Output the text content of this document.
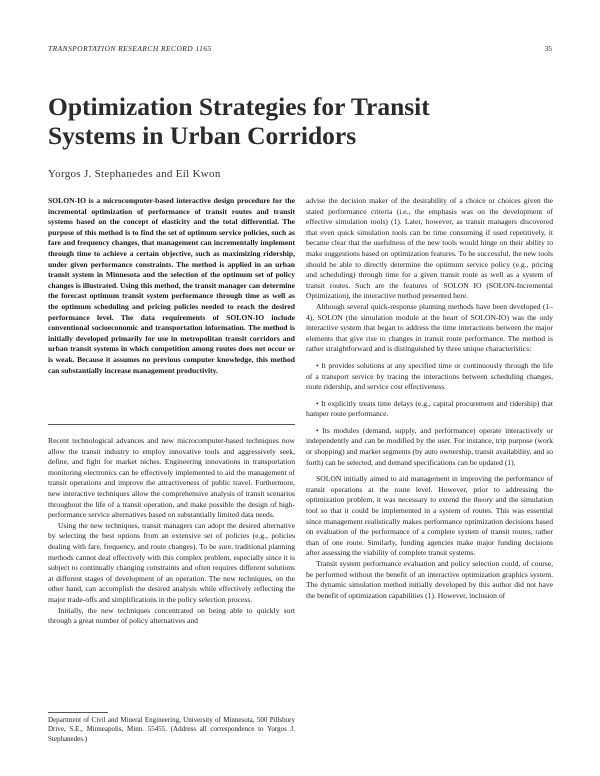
TRANSPORTATION RESEARCH RECORD 1165	35
Optimization Strategies for Transit Systems in Urban Corridors
Yorgos J. Stephanedes and Eil Kwon

SOLON-IO is a microcomputer-based interactive design procedure for the incremental optimization of performance of transit routes and transit systems based on the concept of elasticity and the total differential. The purpose of this method is to find the set of optimum service policies, such as fare and frequency changes, that management can incrementally implement through time to achieve a certain objective, such as maximizing ridership, under given performance constraints. The method is applied in an urban transit system in Minnesota and the selection of the optimum set of policy changes is illustrated. Using this method, the transit manager can determine the forecast optimum transit system performance through time as well as the optimum scheduling and pricing policies needed to reach the desired performance level. The data requirements of SOLON-IO include conventional socioeconomic and transportation information. The method is initially developed primarily for use in metropolitan transit corridors and urban transit systems in which competition among routes does not occur or is weak. Because it assumes no previous computer knowledge, this method can substantially increase management productivity.

Recent technological advances and new microcomputer-based techniques now allow the transit industry to employ innovative tools and aggressively seek, define, and fight for market niches. Engineering innovations in transportation monitoring electronics can be effectively implemented to aid the management of transit operations and improve the attractiveness of public travel. Furthermore, new interactive techniques allow the comprehensive analysis of transit scenarios throughout the life of a transit operation, and make possible the design of high-performance service alternatives based on substantially limited data needs.

Using the new techniques, transit managers can adopt the desired alternative by selecting the best options from an extensive set of policies (e.g., policies dealing with fare, frequency, and route changes). To be sure, traditional planning methods cannot deal effectively with this complex problem, especially since it is subject to continually changing constraints and often requires different solutions at different stages of development of an operation. The new techniques, on the other hand, can accomplish the desired analysis while effectively reflecting the major trade-offs and simplifications in the policy selection process.

Initially, the new techniques concentrated on being able to quickly sort through a great number of policy alternatives and

advise the decision maker of the desirability of a choice or choices given the stated performance criteria (i.e., the emphasis was on the development of effective simulation tools) (1). Later, however, as transit managers discovered that even quick simulation tools can be time consuming if used repetitively, it became clear that the usefulness of the new tools would hinge on their ability to make suggestions based on optimization features. To be successful, the new tools should be able to directly determine the optimum service policy (e.g., pricing and scheduling) through time for a given transit route as well as a system of transit routes. Such are the features of SOLON IO (SOLON-Incremental Optimization), the interactive method presented here.

Although several quick-response planning methods have been developed (1–4), SOLON (the simulation module at the heart of SOLON-IO) was the only interactive system that began to address the time interactions between the major elements that give rise to changes in transit route performance. The method is rather straightforward and is distinguished by three unique characteristics:

• It provides solutions at any specified time or continuously through the life of a transport service by tracing the interactions between scheduling changes, route ridership, and service cost effectiveness.

• It explicitly treats time delays (e.g., capital procurement and ridership) that hamper route performance.

• Its modules (demand, supply, and performance) operate interactively or independently and can be modified by the user. For instance, trip purpose (work or shopping) and market segments (by auto ownership, transit availability, and so forth) can be selected, and demand specifications can be updated (1).

SOLON initially aimed to aid management in improving the performance of transit operations at the route level. However, prior to addressing the optimization problem, it was necessary to extend the theory and the simulation tool so that it could be implemented in a system of routes. This was essential since management realistically makes performance optimization decisions based on evaluation of the performance of a complete system of transit routes, rather than of one route. Similarly, funding agencies make major funding decisions after assessing the viability of complete transit systems.

Transit system performance evaluation and policy selection could, of course, be performed without the benefit of an interactive optimization graphics system. The dynamic simulation method initially developed by this author did not have the benefit of optimization capabilities (1). However, inclusion of

Department of Civil and Mineral Engineering, University of Minnesota, 500 Pillsbury Drive, S.E., Minneapolis, Minn. 55455. (Address all correspondence to Yorgos J. Stephanedes.)
